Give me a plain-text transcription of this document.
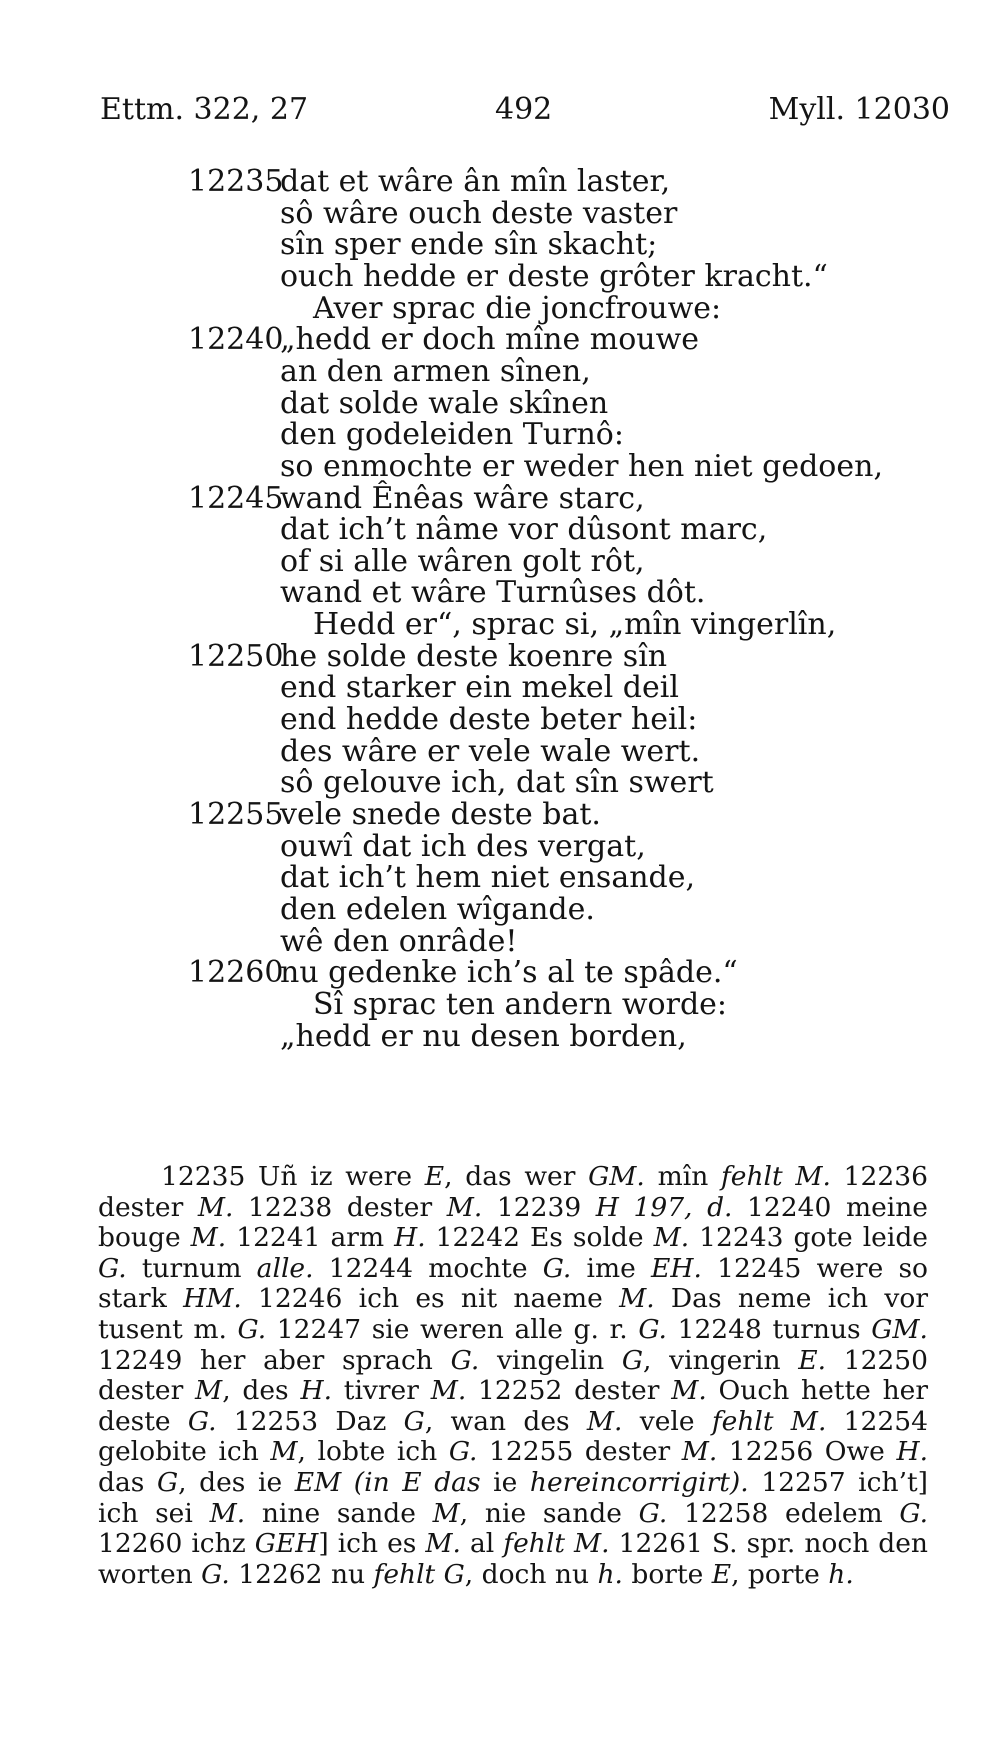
Ettm. 322, 27	492	Myll. 12030
12235
dat et wâre ân mîn laster,
sô wâre ouch deste vaster
sîn sper ende sîn skacht;
ouch hedde er deste grôter kracht.“
Aver sprac die joncfrouwe:
12240
„hedd er doch mîne mouwe
an den armen sînen,
dat solde wale skînen
den godeleiden Turnô:
so enmochte er weder hen niet gedoen,
12245
wand Ênêas wâre starc,
dat ich’t nâme vor dûsont marc,
of si alle wâren golt rôt,
wand et wâre Turnûses dôt.
Hedd er“, sprac si, „mîn vingerlîn,
12250
he solde deste koenre sîn
end starker ein mekel deil
end hedde deste beter heil:
des wâre er vele wale wert.
sô gelouve ich, dat sîn swert
12255
vele snede deste bat.
ouwî dat ich des vergat,
dat ich’t hem niet ensande,
den edelen wîgande.
wê den onrâde!
12260
nu gedenke ich’s al te spâde.“
Sî sprac ten andern worde:
„hedd er nu desen borden,

12235 Uñ iz were E, das wer GM. mîn fehlt M. 12236 dester M. 12238 dester M. 12239 H 197, d. 12240 meine bouge M. 12241 arm H. 12242 Es solde M. 12243 gote leide G. turnum alle. 12244 mochte G. ime EH. 12245 were so stark HM. 12246 ich es nit naeme M. Das neme ich vor tusent m. G. 12247 sie weren alle g. r. G. 12248 turnus GM. 12249 her aber sprach G. vingelin G, vingerin E. 12250 dester M, des H. tivrer M. 12252 dester M. Ouch hette her deste G. 12253 Daz G, wan des M. vele fehlt M. 12254 gelobite ich M, lobte ich G. 12255 dester M. 12256 Owe H. das G, des ie EM (in E das ie hereincorrigirt). 12257 ich’t] ich sei M. nine sande M, nie sande G. 12258 edelem G. 12260 ichz GEH] ich es M. al fehlt M. 12261 S. spr. noch den worten G. 12262 nu fehlt G, doch nu h. borte E, porte h.
